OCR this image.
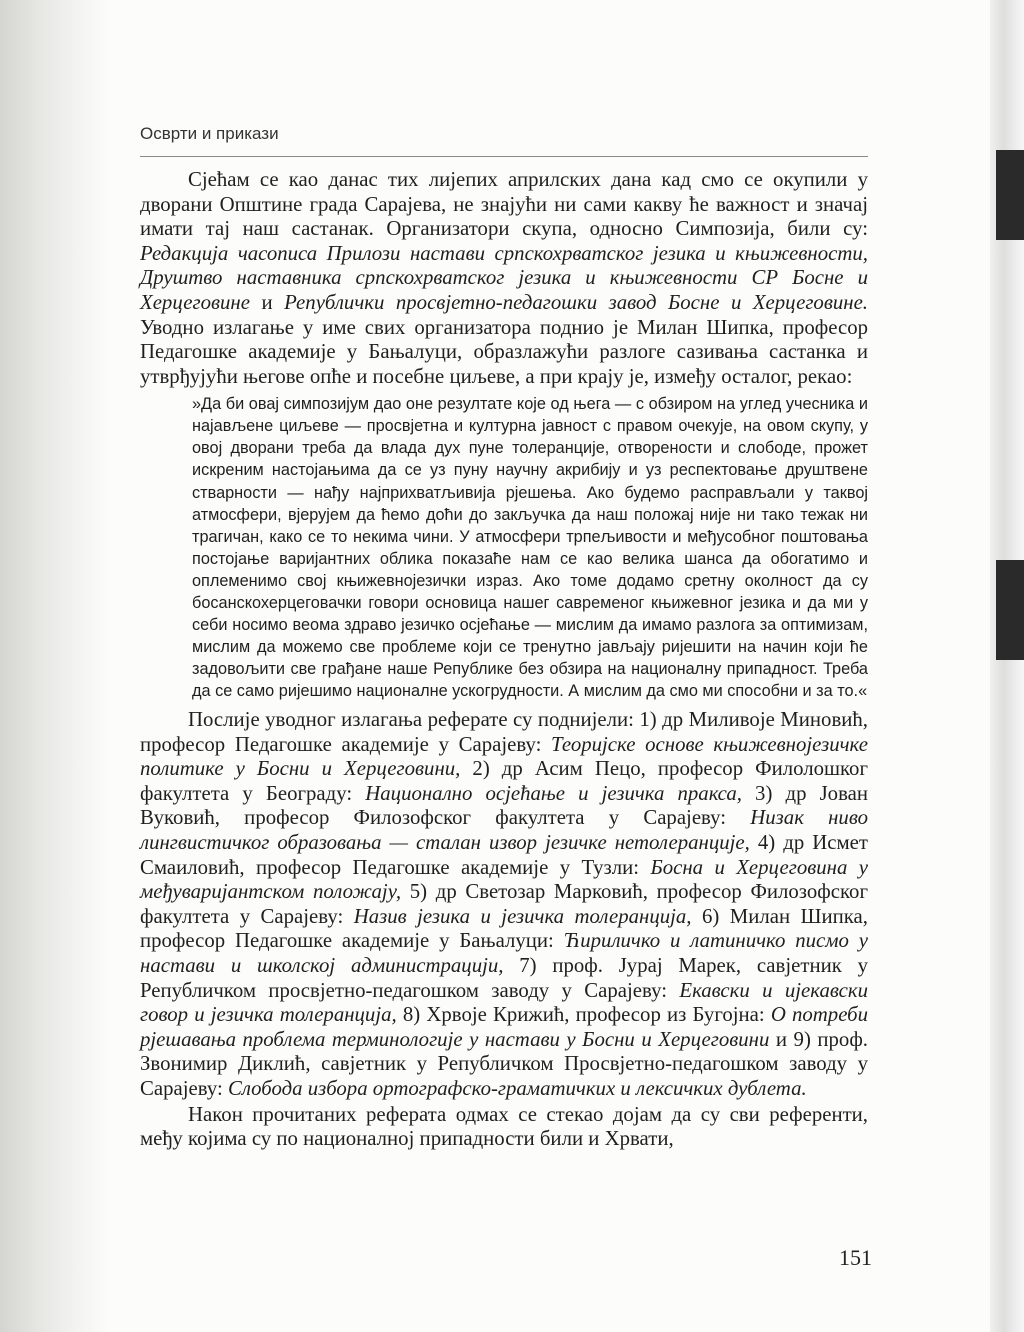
Осврти и прикази

Сјећам се као данас тих лијепих априлских дана кад смо се окупили у дворани Општине града Сарајева, не знајући ни сами какву ће важност и значај имати тај наш састанак. Организатори скупа, односно Симпозија, били су: Редакција часописа Прилози настави српскохрватског језика и књижевности, Друштво наставника српскохрватског језика и књижевности СР Босне и Херцеговине и Републички просвјетно-педагошки завод Босне и Херцеговине. Уводно излагање у име свих организатора поднио је Милан Шипка, професор Педагошке академије у Бањалуци, образлажући разлоге сазивања састанка и утврђујући његове опће и посебне циљеве, а при крају је, између осталог, рекао:

»Да би овај симпозијум дао оне резултате које од њега — с обзиром на углед учесника и најављене циљеве — просвјетна и културна јавност с правом очекује, на овом скупу, у овој дворани треба да влада дух пуне толеранције, отворености и слободе, прожет искреним настојањима да се уз пуну научну акрибију и уз респектовање друштвене стварности — нађу најприхватљивија рјешења. Ако будемо расправљали у таквој атмосфери, вјерујем да ћемо доћи до закључка да наш положај није ни тако тежак ни трагичан, како се то некима чини. У атмосфери трпељивости и међусобног поштовања постојање варијантних облика показаће нам се као велика шанса да обогатимо и оплеменимо свој књижевнојезички израз. Ако томе додамо сретну околност да су босанскохерцеговачки говори основица нашег савременог књижевног језика и да ми у себи носимо веома здраво језичко осјећање — мислим да имамо разлога за оптимизам, мислим да можемо све проблеме који се тренутно јављају ријешити на начин који ће задовољити све грађане наше Републике без обзира на националну припадност. Треба да се само ријешимо националне ускогрудности. А мислим да смо ми способни и за то.«

Послије уводног излагања реферате су поднијели: 1) др Миливоје Миновић, професор Педагошке академије у Сарајеву: Теоријске основе књижевнојезичке политике у Босни и Херцеговини, 2) др Асим Пецо, професор Филолошког факултета у Београду: Национално осјећање и језичка пракса, 3) др Јован Вуковић, професор Филозофског факултета у Сарајеву: Низак ниво лингвистичког образовања — сталан извор језичке нетолеранције, 4) др Исмет Смаиловић, професор Педагошке академије у Тузли: Босна и Херцеговина у међуваријантском положају, 5) др Светозар Марковић, професор Филозофског факултета у Сарајеву: Назив језика и језичка толеранција, 6) Милан Шипка, професор Педагошке академије у Бањалуци: Ћириличко и латиничко писмо у настави и школској администрацији, 7) проф. Јурај Марек, савјетник у Републичком просвјетно-педагошком заводу у Сарајеву: Екавски и ијекавски говор и језичка толеранција, 8) Хрвоје Крижић, професор из Бугојна: О потреби рјешавања проблема терминологије у настави у Босни и Херцеговини и 9) проф. Звонимир Диклић, савјетник у Републичком Просвјетно-педагошком заводу у Сарајеву: Слобода избора ортографско-граматичких и лексичких дублета.

Након прочитаних реферата одмах се стекао дојам да су сви референти, међу којима су по националној припадности били и Хрвати,

151
